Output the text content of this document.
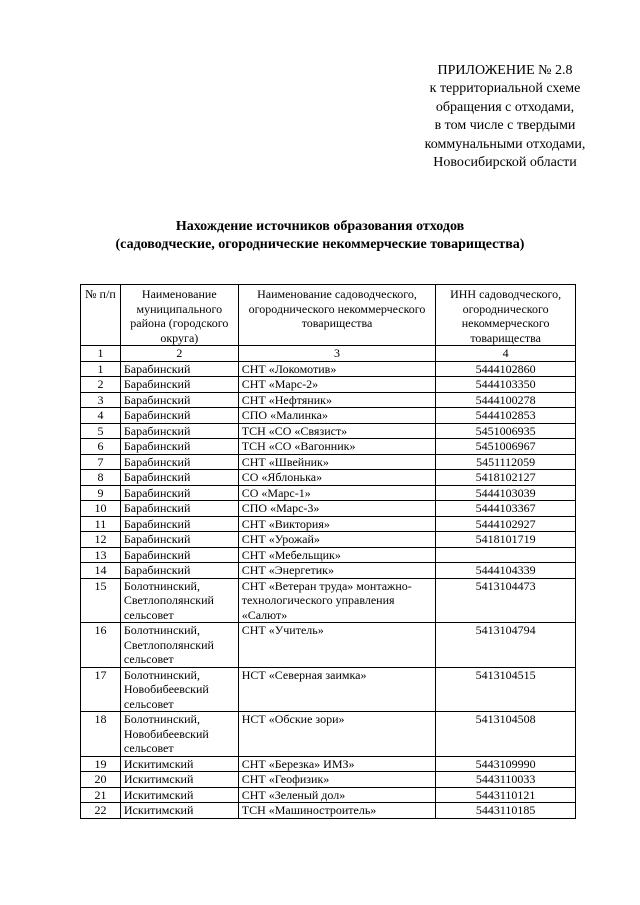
ПРИЛОЖЕНИЕ № 2.8
к территориальной схеме
обращения с отходами,
в том числе с твердыми
коммунальными отходами,
Новосибирской области
Нахождение источников образования отходов
(садоводческие, огороднические некоммерческие товарищества)
№ п/п	Наименование муниципального района (городского округа)	Наименование садоводческого, огороднического некоммерческого товарищества	ИНН садоводческого, огороднического некоммерческого товарищества
1	2	3	4
1	Барабинский	СНТ «Локомотив»	5444102860
2	Барабинский	СНТ «Марс-2»	5444103350
3	Барабинский	СНТ «Нефтяник»	5444100278
4	Барабинский	СПО «Малинка»	5444102853
5	Барабинский	ТСН «СО «Связист»	5451006935
6	Барабинский	ТСН «СО «Вагонник»	5451006967
7	Барабинский	СНТ «Швейник»	5451112059
8	Барабинский	СО «Яблонька»	5418102127
9	Барабинский	СО «Марс-1»	5444103039
10	Барабинский	СПО «Марс-3»	5444103367
11	Барабинский	СНТ «Виктория»	5444102927
12	Барабинский	СНТ «Урожай»	5418101719
13	Барабинский	СНТ «Мебельщик»	
14	Барабинский	СНТ «Энергетик»	5444104339
15	Болотнинский, Светлополянский сельсовет	СНТ «Ветеран труда» монтажно-технологического управления «Салют»	5413104473
16	Болотнинский, Светлополянский сельсовет	СНТ «Учитель»	5413104794
17	Болотнинский, Новобибеевский сельсовет	НСТ «Северная заимка»	5413104515
18	Болотнинский, Новобибеевский сельсовет	НСТ «Обские зори»	5413104508
19	Искитимский	СНТ «Березка» ИМЗ»	5443109990
20	Искитимский	СНТ «Геофизик»	5443110033
21	Искитимский	СНТ «Зеленый дол»	5443110121
22	Искитимский	ТСН «Машиностроитель»	5443110185
